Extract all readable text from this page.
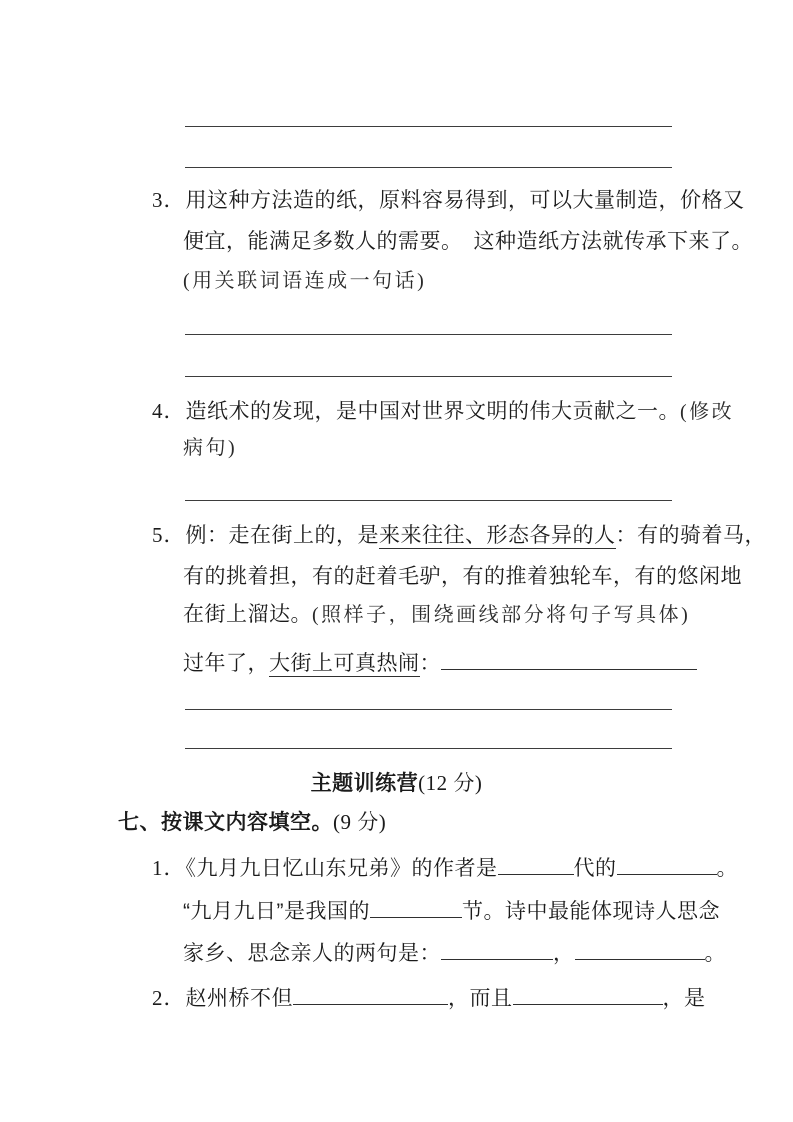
3．用这种方法造的纸，原料容易得到，可以大量制造，价格又
便宜，能满足多数人的需要。　这种造纸方法就传承下来了。
(用关联词语连成一句话)
4．造纸术的发现，是中国对世界文明的伟大贡献之一。(修改
病句)
5．例：走在街上的，是来来往往、形态各异的人：有的骑着马，
有的挑着担，有的赶着毛驴，有的推着独轮车，有的悠闲地
在街上溜达。(照样子，围绕画线部分将句子写具体)
过年了，大街上可真热闹：
主题训练营(12 分)
七、按课文内容填空。(9 分)
1．《九月九日忆山东兄弟》的作者是	代的	。
“九月九日”是我国的	节。诗中最能体现诗人思念
家乡、思念亲人的两句是：	，	。
2．赵州桥不但	，而且	，是
